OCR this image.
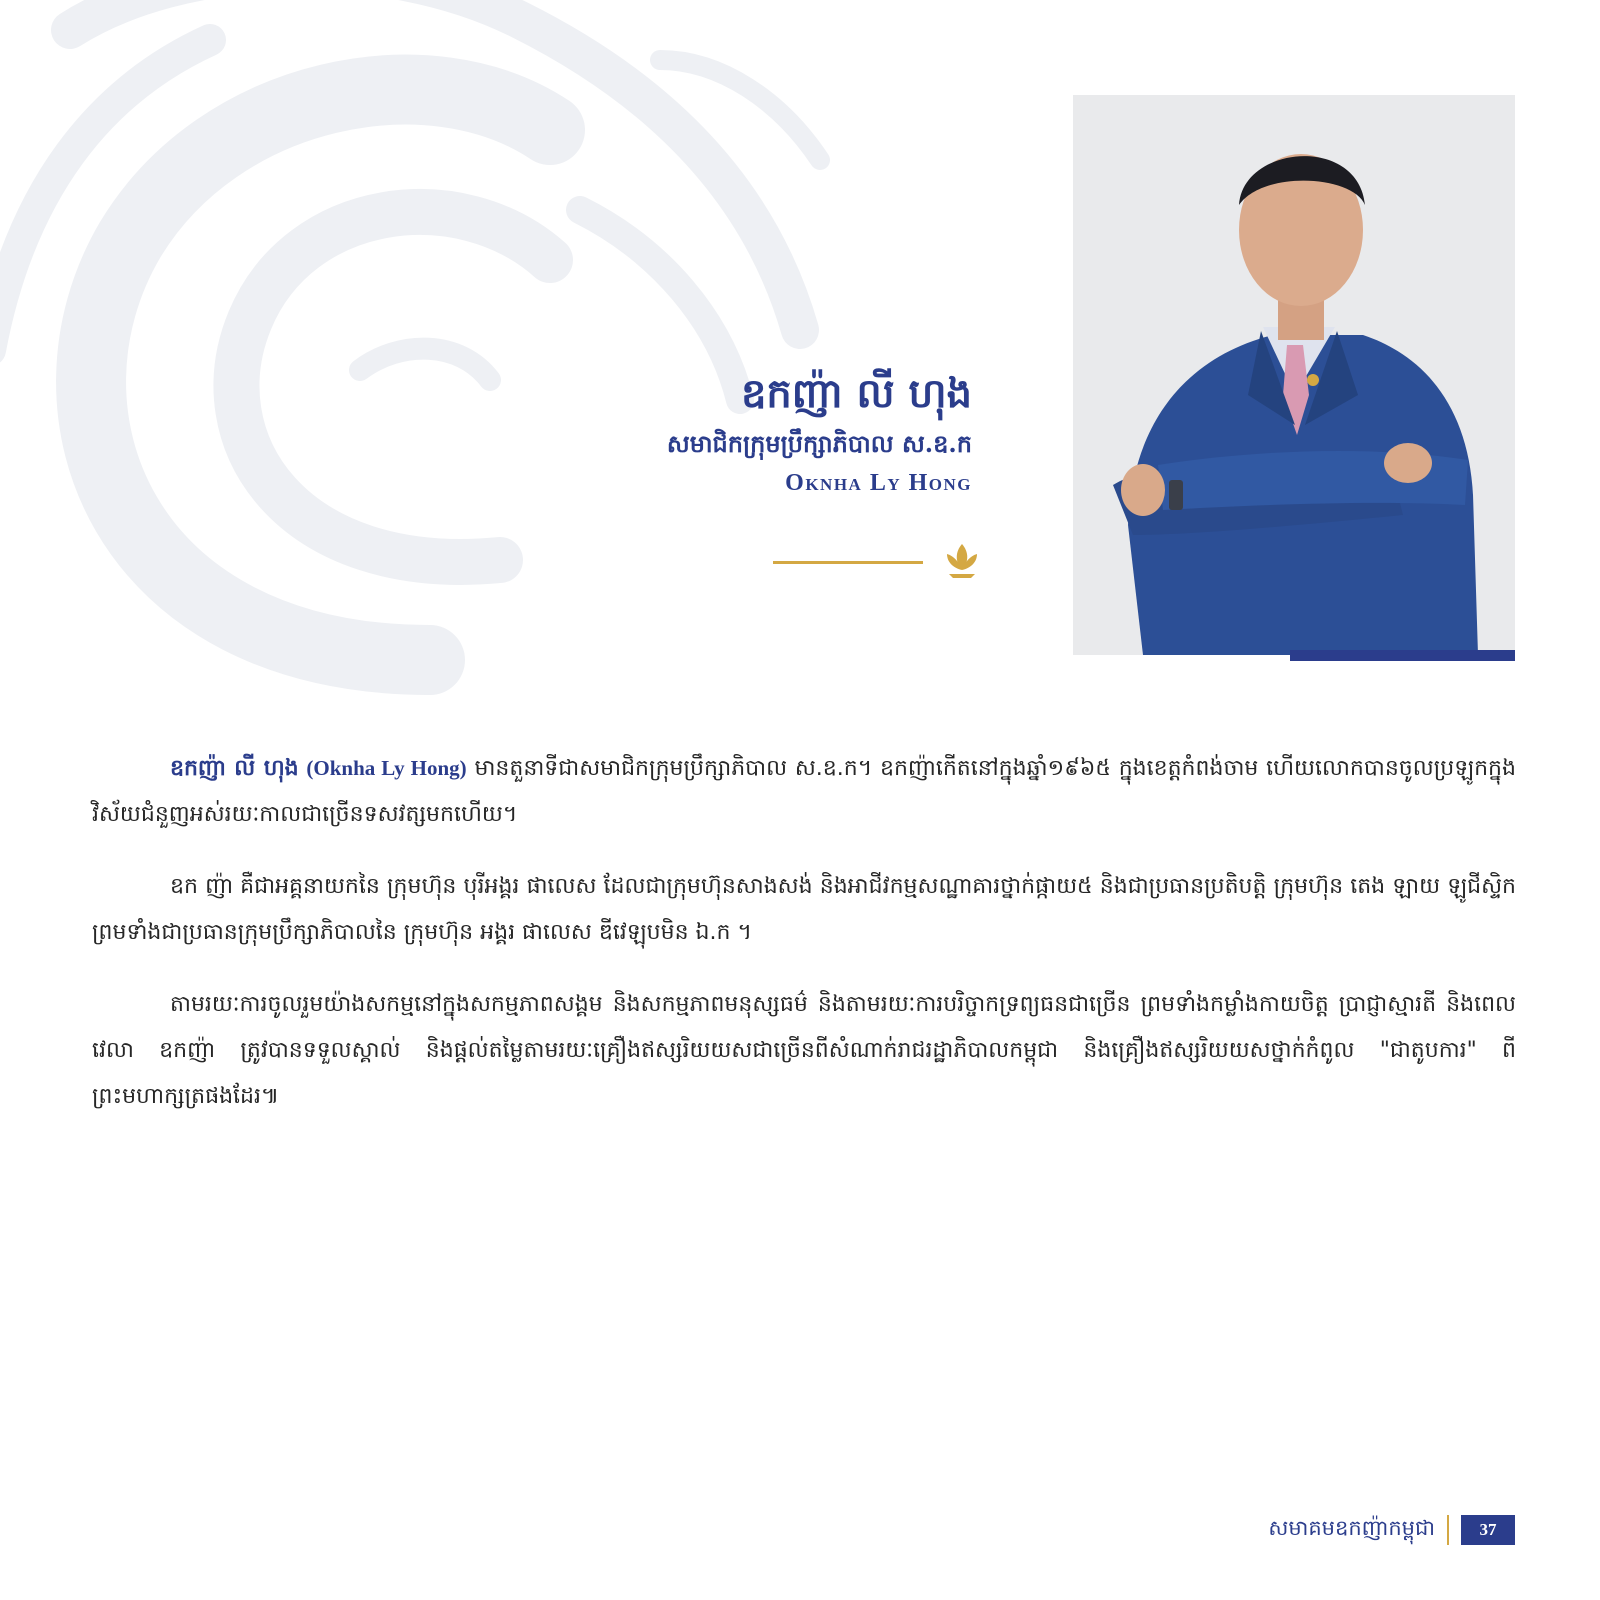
ឧកញ៉ា លី ហុង
សមាជិកក្រុមប្រឹក្សាភិបាល ស.ឧ.ក
Oknha Ly Hong

ឧកញ៉ា លី ហុង (Oknha Ly Hong) មានតួនាទីជាសមាជិកក្រុមប្រឹក្សាភិបាល ស.ឧ.ក។ ឧកញ៉ាកើតនៅក្នុងឆ្នាំ១៩៦៥ ក្នុងខេត្តកំពង់ចាម ហើយលោកបានចូលប្រឡូកក្នុងវិស័យជំនួញអស់រយៈកាលជាច្រើនទសវត្សមកហើយ។

ឧក ញ៉ា គឺជាអគ្គនាយកនៃ ក្រុមហ៊ុន បុរីអង្គរ ផាលេស ដែលជាក្រុមហ៊ុនសាងសង់ និងអាជីវកម្មសណ្ឋាគារថ្នាក់ផ្កាយ៥ និងជាប្រធានប្រតិបត្តិ ក្រុមហ៊ុន តេង ឡាយ ឡូជីស្ទិក ព្រមទាំងជាប្រធានក្រុមប្រឹក្សាភិបាលនៃ ក្រុមហ៊ុន អង្គរ ផាលេស ឌីវេឡុបមិន ឯ.ក ។

តាមរយៈការចូលរួមយ៉ាងសកម្មនៅក្នុងសកម្មភាពសង្គម និងសកម្មភាពមនុស្សធម៌ និងតាមរយៈការបរិច្ចាកទ្រព្យធនជាច្រើន ព្រមទាំងកម្លាំងកាយចិត្ត ប្រាជ្ញាស្មារតី និងពេលវេលា ឧកញ៉ា ត្រូវបានទទួលស្គាល់ និងផ្តល់តម្លៃតាមរយៈគ្រឿងឥស្សរិយយសជាច្រើនពីសំណាក់រាជរដ្ឋាភិបាលកម្ពុជា និងគ្រឿងឥស្សរិយយសថ្នាក់កំពូល "ជាតូបការ" ពីព្រះមហាក្សត្រផងដែរ៕

សមាគមឧកញ៉ាកម្ពុជា	37
